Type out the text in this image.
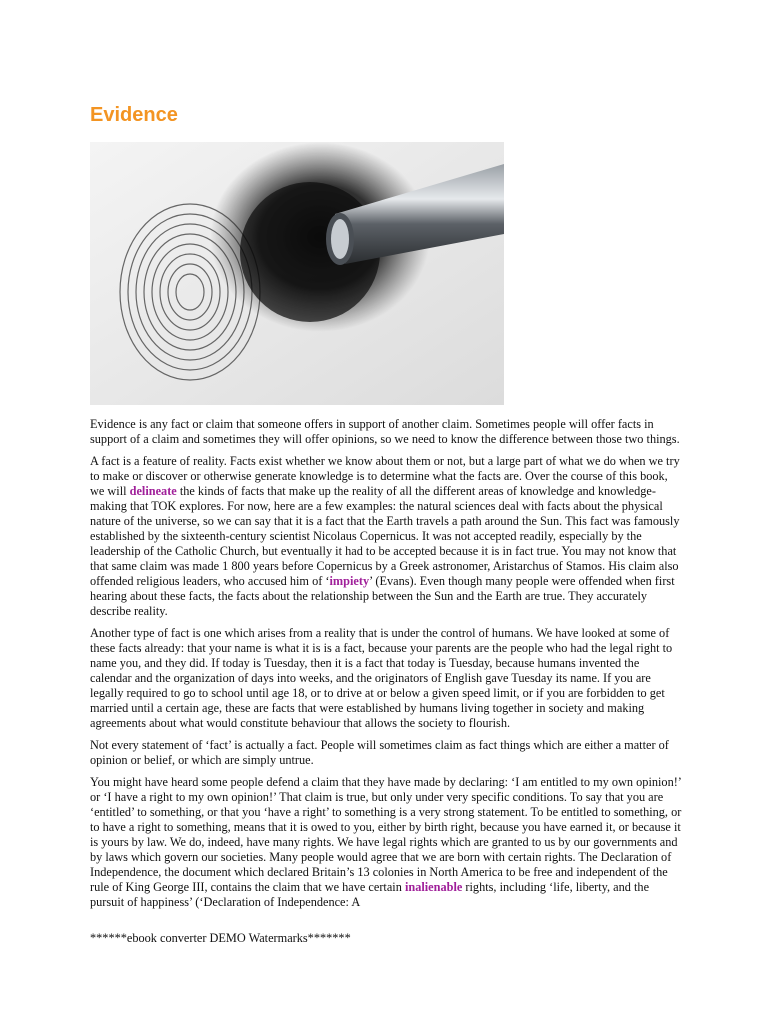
Evidence

Evidence is any fact or claim that someone offers in support of another claim. Sometimes people will offer facts in support of a claim and sometimes they will offer opinions, so we need to know the difference between those two things.

A fact is a feature of reality. Facts exist whether we know about them or not, but a large part of what we do when we try to make or discover or otherwise generate knowledge is to determine what the facts are. Over the course of this book, we will delineate the kinds of facts that make up the reality of all the different areas of knowledge and knowledge-making that TOK explores. For now, here are a few examples: the natural sciences deal with facts about the physical nature of the universe, so we can say that it is a fact that the Earth travels a path around the Sun. This fact was famously established by the sixteenth-century scientist Nicolaus Copernicus. It was not accepted readily, especially by the leadership of the Catholic Church, but eventually it had to be accepted because it is in fact true. You may not know that that same claim was made 1 800 years before Copernicus by a Greek astronomer, Aristarchus of Stamos. His claim also offended religious leaders, who accused him of ‘impiety’ (Evans). Even though many people were offended when first hearing about these facts, the facts about the relationship between the Sun and the Earth are true. They accurately describe reality.

Another type of fact is one which arises from a reality that is under the control of humans. We have looked at some of these facts already: that your name is what it is is a fact, because your parents are the people who had the legal right to name you, and they did. If today is Tuesday, then it is a fact that today is Tuesday, because humans invented the calendar and the organization of days into weeks, and the originators of English gave Tuesday its name. If you are legally required to go to school until age 18, or to drive at or below a given speed limit, or if you are forbidden to get married until a certain age, these are facts that were established by humans living together in society and making agreements about what would constitute behaviour that allows the society to flourish.

Not every statement of ‘fact’ is actually a fact. People will sometimes claim as fact things which are either a matter of opinion or belief, or which are simply untrue.

You might have heard some people defend a claim that they have made by declaring: ‘I am entitled to my own opinion!’ or ‘I have a right to my own opinion!’ That claim is true, but only under very specific conditions. To say that you are ‘entitled’ to something, or that you ‘have a right’ to something is a very strong statement. To be entitled to something, or to have a right to something, means that it is owed to you, either by birth right, because you have earned it, or because it is yours by law. We do, indeed, have many rights. We have legal rights which are granted to us by our governments and by laws which govern our societies. Many people would agree that we are born with certain rights. The Declaration of Independence, the document which declared Britain’s 13 colonies in North America to be free and independent of the rule of King George III, contains the claim that we have certain inalienable rights, including ‘life, liberty, and the pursuit of happiness’ (‘Declaration of Independence: A

******ebook converter DEMO Watermarks*******
